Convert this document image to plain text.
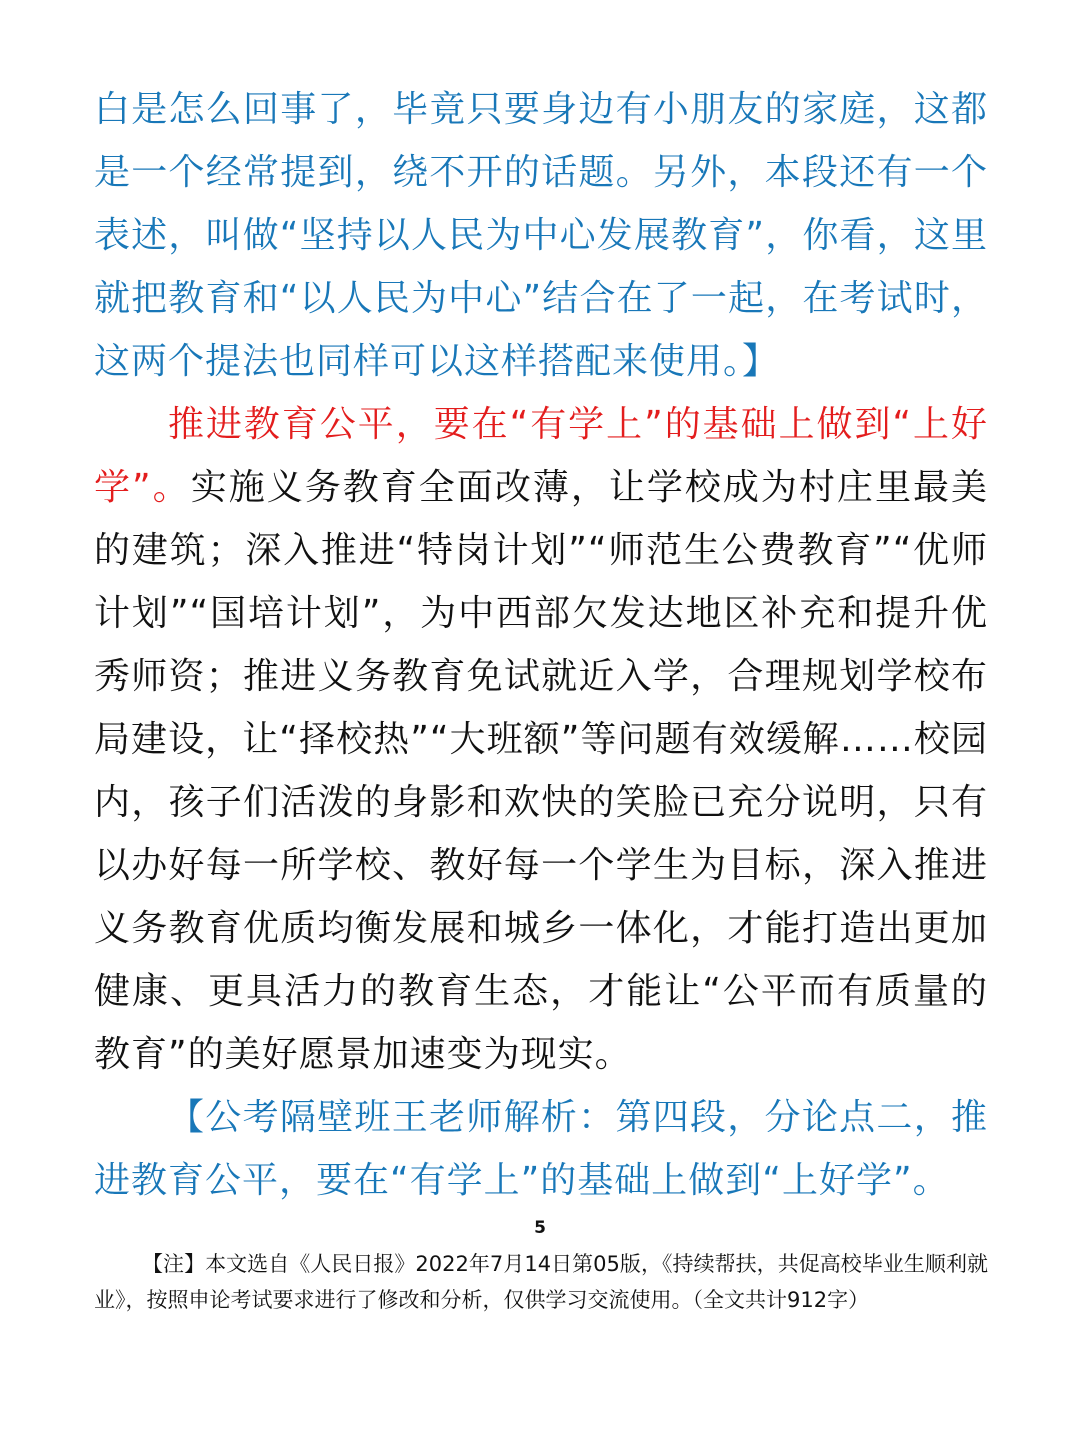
白是怎么回事了，毕竟只要身边有小朋友的家庭，这都是一个经常提到，绕不开的话题。另外，本段还有一个表述，叫做“坚持以人民为中心发展教育”，你看，这里就把教育和“以人民为中心”结合在了一起，在考试时，这两个提法也同样可以这样搭配来使用。】

推进教育公平，要在“有学上”的基础上做到“上好学”。实施义务教育全面改薄，让学校成为村庄里最美的建筑；深入推进“特岗计划”“师范生公费教育”“优师计划”“国培计划”，为中西部欠发达地区补充和提升优秀师资；推进义务教育免试就近入学，合理规划学校布局建设，让“择校热”“大班额”等问题有效缓解……校园内，孩子们活泼的身影和欢快的笑脸已充分说明，只有以办好每一所学校、教好每一个学生为目标，深入推进义务教育优质均衡发展和城乡一体化，才能打造出更加健康、更具活力的教育生态，才能让“公平而有质量的教育”的美好愿景加速变为现实。

【公考隔壁班王老师解析：第四段，分论点二，推进教育公平，要在“有学上”的基础上做到“上好学”。

5
【注】本文选自《人民日报》2022年7月14日第05版，《持续帮扶，共促高校毕业生顺利就业》，按照申论考试要求进行了修改和分析，仅供学习交流使用。（全文共计912字）
